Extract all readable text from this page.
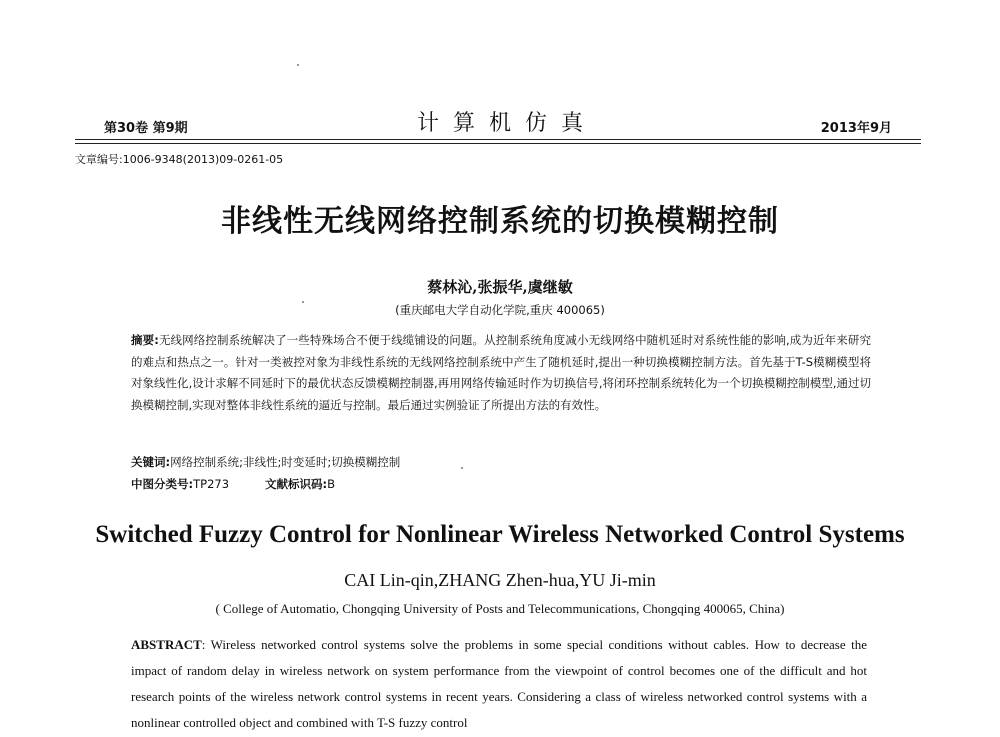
第30卷 第9期	计算机仿真	2013年9月
文章编号:1006-9348(2013)09-0261-05
非线性无线网络控制系统的切换模糊控制
蔡林沁,张振华,虞继敏
(重庆邮电大学自动化学院,重庆 400065)
摘要:无线网络控制系统解决了一些特殊场合不便于线缆铺设的问题。从控制系统角度减小无线网络中随机延时对系统性能的影响,成为近年来研究的难点和热点之一。针对一类被控对象为非线性系统的无线网络控制系统中产生了随机延时,提出一种切换模糊控制方法。首先基于T-S模糊模型将对象线性化,设计求解不同延时下的最优状态反馈模糊控制器,再用网络传输延时作为切换信号,将闭环控制系统转化为一个切换模糊控制模型,通过切换模糊控制,实现对整体非线性系统的逼近与控制。最后通过实例验证了所提出方法的有效性。
关键词:网络控制系统;非线性;时变延时;切换模糊控制
中图分类号:TP273	文献标识码:B
Switched Fuzzy Control for Nonlinear Wireless Networked Control Systems
CAI Lin-qin,ZHANG Zhen-hua,YU Ji-min
( College of Automatio, Chongqing University of Posts and Telecommunications, Chongqing 400065, China)
ABSTRACT: Wireless networked control systems solve the problems in some special conditions without cables. How to decrease the impact of random delay in wireless network on system performance from the viewpoint of control becomes one of the difficult and hot research points of the wireless network control systems in recent years. Considering a class of wireless networked control systems with a nonlinear controlled object and combined with T-S fuzzy control
